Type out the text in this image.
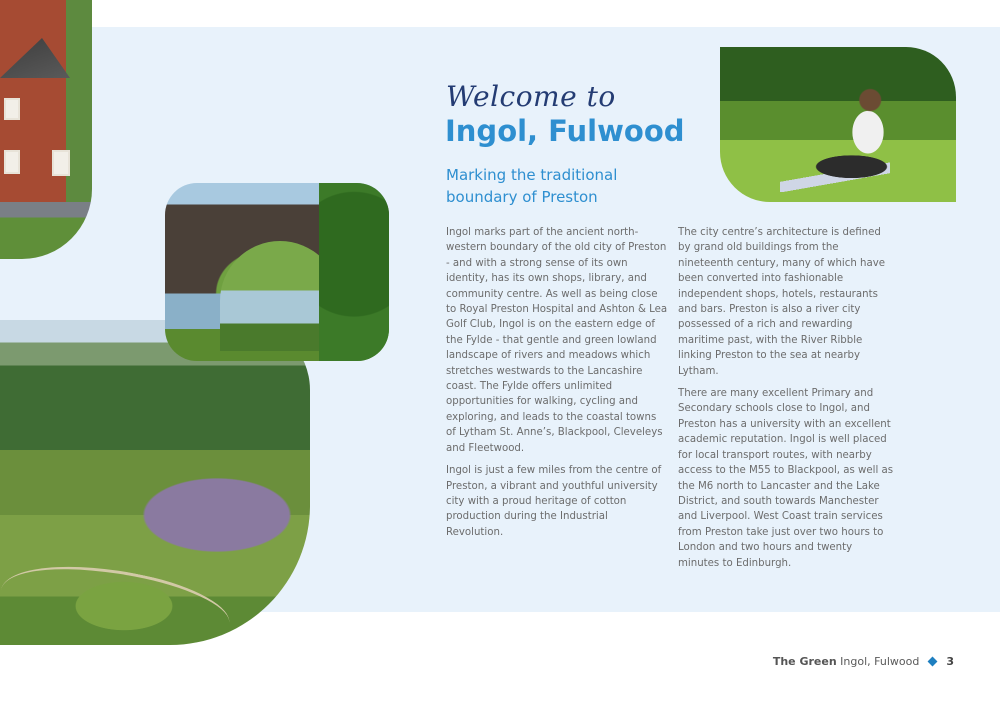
Welcome to

Ingol, Fulwood
Marking the traditional boundary of Preston

Ingol marks part of the ancient north-western boundary of the old city of Preston - and with a strong sense of its own identity, has its own shops, library, and community centre. As well as being close to Royal Preston Hospital and Ashton & Lea Golf Club, Ingol is on the eastern edge of the Fylde - that gentle and green lowland landscape of rivers and meadows which stretches westwards to the Lancashire coast. The Fylde offers unlimited opportunities for walking, cycling and exploring, and leads to the coastal towns of Lytham St. Anne’s, Blackpool, Cleveleys and Fleetwood.

Ingol is just a few miles from the centre of Preston, a vibrant and youthful university city with a proud heritage of cotton production during the Industrial Revolution.

The city centre’s architecture is defined by grand old buildings from the nineteenth century, many of which have been converted into fashionable independent shops, hotels, restaurants and bars. Preston is also a river city possessed of a rich and rewarding maritime past, with the River Ribble linking Preston to the sea at nearby Lytham.

There are many excellent Primary and Secondary schools close to Ingol, and Preston has a university with an excellent academic reputation. Ingol is well placed for local transport routes, with nearby access to the M55 to Blackpool, as well as the M6 north to Lancaster and the Lake District, and south towards Manchester and Liverpool. West Coast train services from Preston take just over two hours to London and two hours and twenty minutes to Edinburgh.

The Green Ingol, Fulwood 3
